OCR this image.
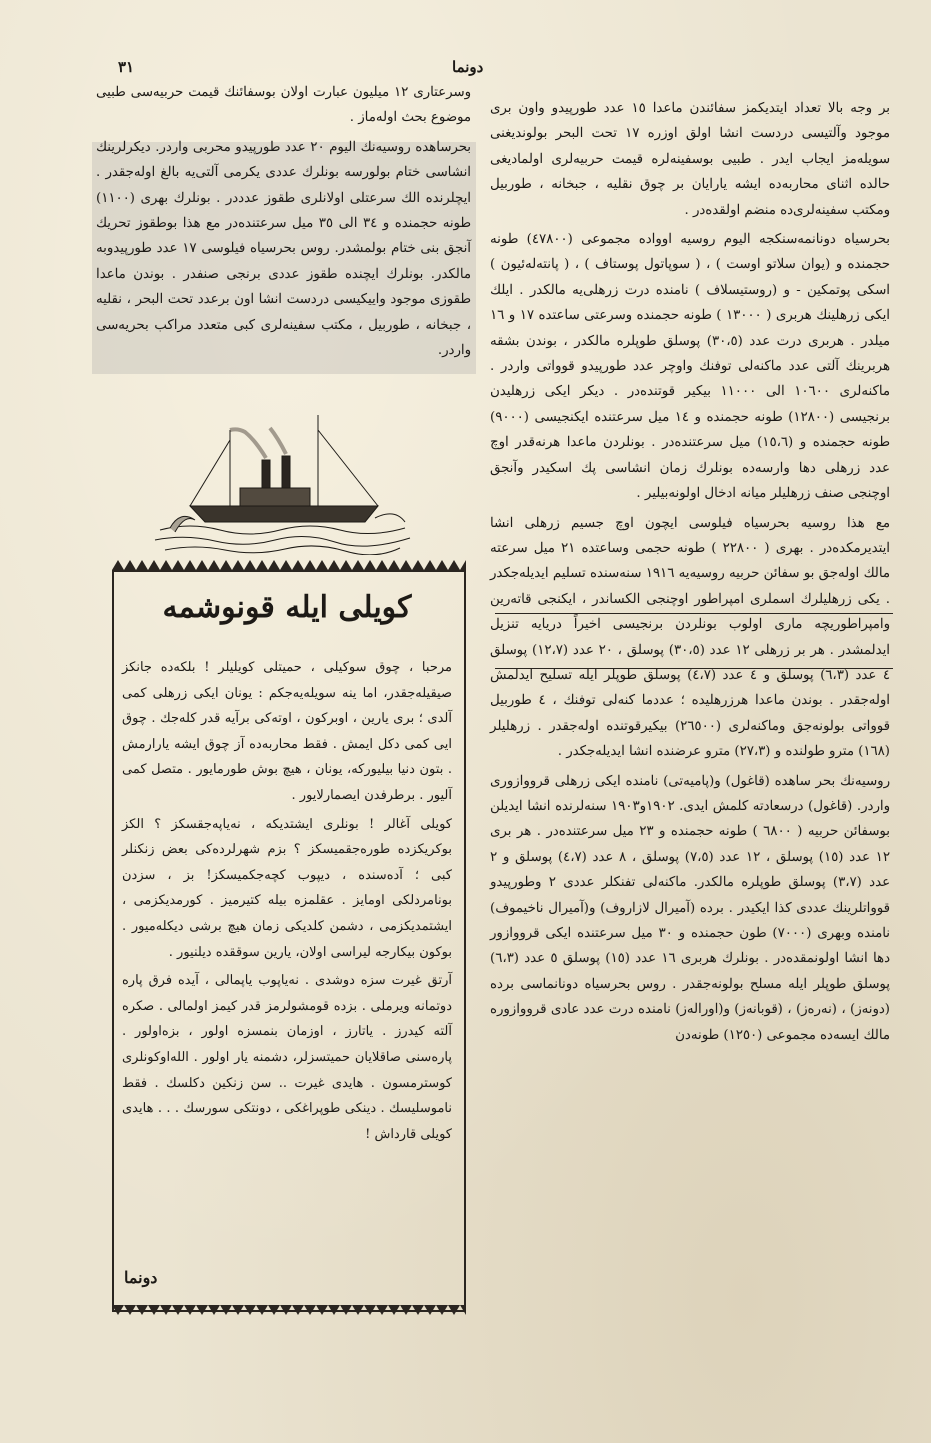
٣١	دونما

وسرعتاری ١٢ میلیون عبارت اولان بوسفائنك قیمت حربیه‌سی طبیی موضوع بحث اولەماز .

بحرساهده روسیەنك الیوم ٢٠ عدد طورپیدو محربی واردر. دیكرلرینك انشاسی ختام بولورسه بونلرك عددی یكرمی آلتی‌یه بالغ اوله‌جقدر . ایچلرنده الك سرعتلی اولانلری طقوز عدددر . بونلرك بهری (١١٠٠) طونه حجمنده و ٣٤ الی ٣٥ میل سرعتنده‌در مع هذا بوطقوز تحریك آنجق بنی ختام بولمشدر. روس بحرسیاه فیلوسی ١٧ عدد طورپیدوبه مالكدر. بونلرك ایچنده طقوز عددی برنجی صنفدر . بوندن ماعدا طقوزی موجود واییكیسی دردست انشا اون برعدد تحت البحر ، نقلیه ، جبخانه ، طوربیل ، مكتب سفینه‌لری كبی متعدد مراكب بحریه‌سی واردر.

بر وجه بالا تعداد ایتدیكمز سفائندن ماعدا ١٥ عدد طورپیدو واون بری موجود وآلتیسی دردست انشا اولق اوزره ١٧ تحت البحر بولوندیغنی سویلەمز ایجاب ایدر . طبیی بوسفینەلره قیمت حربیه‌لری اولمادیغی حالده اثنای محاربه‌ده ایشه یارایان بر چوق نقلیه ، جبخانه ، طوربیل ومكتب سفینه‌لری‌ده منضم اولقده‌در .

بحرسیاه دونانمه‌سنكجه الیوم روسیه اوواده مجموعی (٤٧٨٠٠) طونه حجمنده و (یوان سلاتو اوست ) ، ( سوپاتول پوستاف ) ، ( پانته‌له‌ئیون ) اسكی پوتمكین - و (روستیسلاف ) نامنده درت زرهلی‌یه مالكدر . ایلك ایكی زرهلینك هربری ( ١٣٠٠٠ ) طونه حجمنده وسرعتی ساعتده ١٧ و ١٦ میلدر . هربری درت عدد (٣٠،٥) پوسلق طوپلره مالكدر ، بوندن بشقه هربرینك آلتی عدد ماكنه‌لی توفنك واوچر عدد طورپیدو قوواتی واردر . ماكنه‌لری ١٠٦٠٠ الی ١١٠٠٠ بیكیر قوتنده‌در . دیكر ایكی زرهلیدن برنجیسی (١٢٨٠٠) طونه حجمنده و ١٤ میل سرعتنده ایكنجیسی (٩٠٠٠) طونه حجمنده و (١٥،٦) میل سرعتنده‌در . بونلردن ماعدا هرنه‌قدر اوچ عدد زرهلی دها وارسه‌ده بونلرك زمان انشاسی پك اسكیدر وآنجق اوچنجی صنف زرهلیلر میانه ادخال اولونه‌بیلیر .

مع هذا روسیه بحرسیاه فیلوسی ایچون اوچ جسیم زرهلی انشا ایتدیرمكده‌در . بهری ( ٢٢٨٠٠ ) طونه حجمی وساعتده ٢١ میل سرعته مالك اوله‌جق بو سفائن حربیه روسیه‌یه ١٩١٦ سنه‌سنده تسلیم ایدیله‌جكدر . یكی زرهلیلرك اسملری امپراطور اوچنجی الكساندر ، ایكنجی قاته‌رین وامپراطوریچه ماری اولوب بونلردن برنجیسی اخیراً دریایه تنزیل ایدلمشدر . هر بر زرهلی ١٢ عدد (٣٠،٥) پوسلق ، ٢٠ عدد (١٢،٧) پوسلق ٤ عدد (٦،٣) پوسلق و ٤ عدد (٤،٧) پوسلق طوپلر ایله تسلیح ایدلمش اوله‌جقدر . بوندن ماعدا هرزرهلیده ؛ عددما كنه‌لی توفنك ، ٤ طوربیل قوواتی بولونه‌جق وماكنه‌لری (٢٦٥٠٠) بیكیرقوتنده اوله‌جقدر . زرهلیلر (١٦٨) مترو طولنده و (٢٧،٣) مترو عرضنده انشا ایدیله‌جكدر .

روسیه‌نك بحر ساهده (قاغول) و(پامیه‌تی) نامنده ایكی زرهلی قرووازوری واردر. (قاغول) درسعادته كلمش ایدی. ١٩٠٢و١٩٠٣ سنه‌لرنده انشا ایدیلن بوسفائن حربیه ( ٦٨٠٠ ) طونه حجمنده و ٢٣ میل سرعتنده‌در . هر بری ١٢ عدد (١٥) پوسلق ، ١٢ عدد (٧،٥) پوسلق ، ٨ عدد (٤،٧) پوسلق و ٢ عدد (٣،٧) پوسلق طوپلره مالكدر. ماكنه‌لی تفنكلر عددی ٢ وطورپیدو قوواتلرینك عددی كذا ایكیدر . برده (آمیرال لازاروف) و(آمیرال ناخیموف) نامنده وبهری (٧٠٠٠) طون حجمنده و ٣٠ میل سرعتنده ایكی قرووازور دها انشا اولونمقده‌در . بونلرك هربری ١٦ عدد (١٥) پوسلق ٥ عدد (٦،٣) پوسلق طوپلر ایله مسلح بولونه‌جقدر . روس بحرسیاه دونانماسی برده (دونه‌ز) ، (نه‌رەز) ، (قوبانه‌ز) و(اورالەز) نامنده درت عدد عادی قرووازوره مالك ایسه‌ده مجموعی (١٢٥٠) طونه‌دن

كویلی ایله قونوشمه

مرحبا ، چوق سوكیلی ، حمیتلی كویلیلر ! بلكه‌ده جانكز صیقیله‌جقدر، اما ینه سویلەیه‌جكم : یونان ایكی زرهلی كمی آلدی ؛ بری یارین ، اوبركون ، اوته‌كی برآیه قدر كله‌جك . چوق ایی كمی دكل ایمش . فقط محاربه‌ده آز چوق ایشه یارارمش . بتون دنیا بیلیوركه، یونان ، هیچ بوش طورمایور . متصل كمی آلیور . برطرفدن ایصمارلایور .

كویلی آغالر ! بونلری ایشتدیكه ، نه‌یاپه‌جقسكز ؟ الكز بوكریكزده طوره‌جقمیسكز ؟ بزم شهرلرده‌كی بعض زنكنلر كبی ؛ آدەسنده ، دیپوب كچه‌جكمیسكز! بز ، سزدن بونامردلكی اومایز . عقلمزه بیله كتیرمیز . كورمدیكزمی ، ایشتمدیكزمی ، دشمن كلدیكی زمان هیچ برشی دیكله‌میور . بوكون بیكارجه لیراسی اولان، یارین سوققده دیلنیور .

آرتق غیرت سزه دوشدی . نه‌یاپوب یاپمالی ، آیده فرق پاره دوتمانه ویرملی . بزده قومشولرمز قدر كیمز اولمالی . صكره آلته كیدرز . یاتارز ، اوزمان بنمسزه اولور ، بزه‌اولور . پاره‌سنی صاقلایان حمیتسزلر، دشمنه یار اولور . الله‌اوكونلری كوسترمسون . هایدی غیرت .. سن زنكین دكلسك . فقط ناموسلیسك . دینكی طوپراغكی ، دونتكی سورسك . . . هایدی كویلی قارداش !

دونما
